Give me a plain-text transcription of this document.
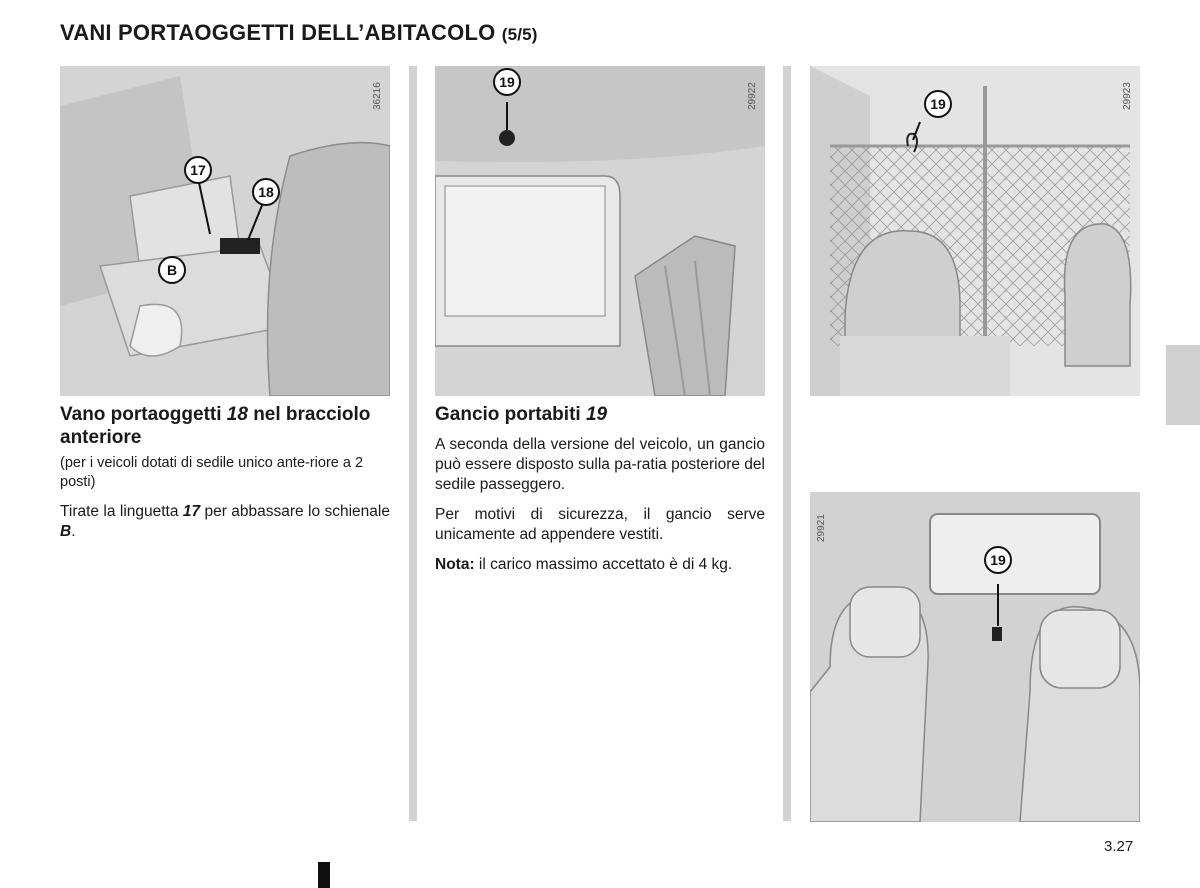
VANI PORTAOGGETTI DELL’ABITACOLO (5/5)
36216
17
18
B
Vano portaoggetti 18 nel bracciolo anteriore

(per i veicoli dotati di sedile unico ante-riore a 2 posti)

Tirate la linguetta 17 per abbassare lo schienale B.

29922
19
Gancio portabiti 19

A seconda della versione del veicolo, un gancio può essere disposto sulla pa-ratia posteriore del sedile passeggero.

Per motivi di sicurezza, il gancio serve unicamente ad appendere vestiti.

Nota: il carico massimo accettato è di 4 kg.

29923
19
29921
19
3.27
